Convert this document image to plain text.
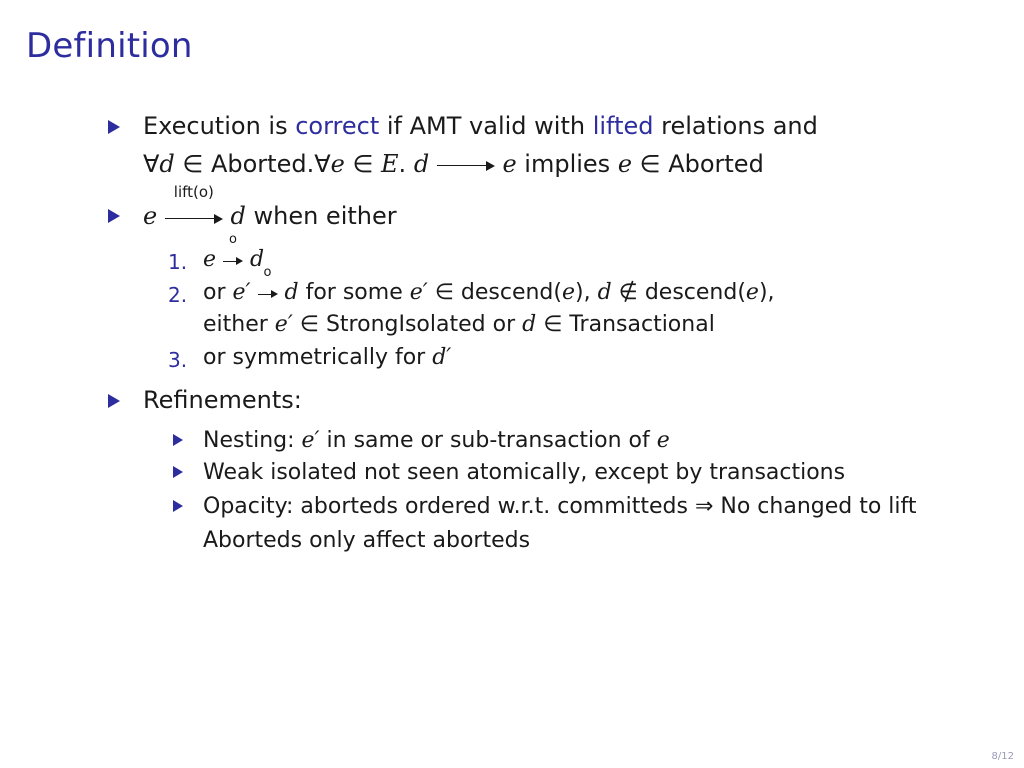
Definition
Execution is correct if AMT valid with lifted relations and
∀d ∈ Aborted.∀e ∈ E. d	e implies e ∈ Aborted
e
lift(o)
d when either
1. e
o
d
2. or e′
o
d for some e′ ∈ descend(e), d ∉ descend(e),
either e′ ∈ StrongIsolated or d ∈ Transactional
3. or symmetrically for d′
Refinements:
Nesting: e′ in same or sub-transaction of e
Weak isolated not seen atomically, except by transactions
Opacity: aborteds ordered w.r.t. committeds ⇒ No changed to lift
Aborteds only affect aborteds
8/12
